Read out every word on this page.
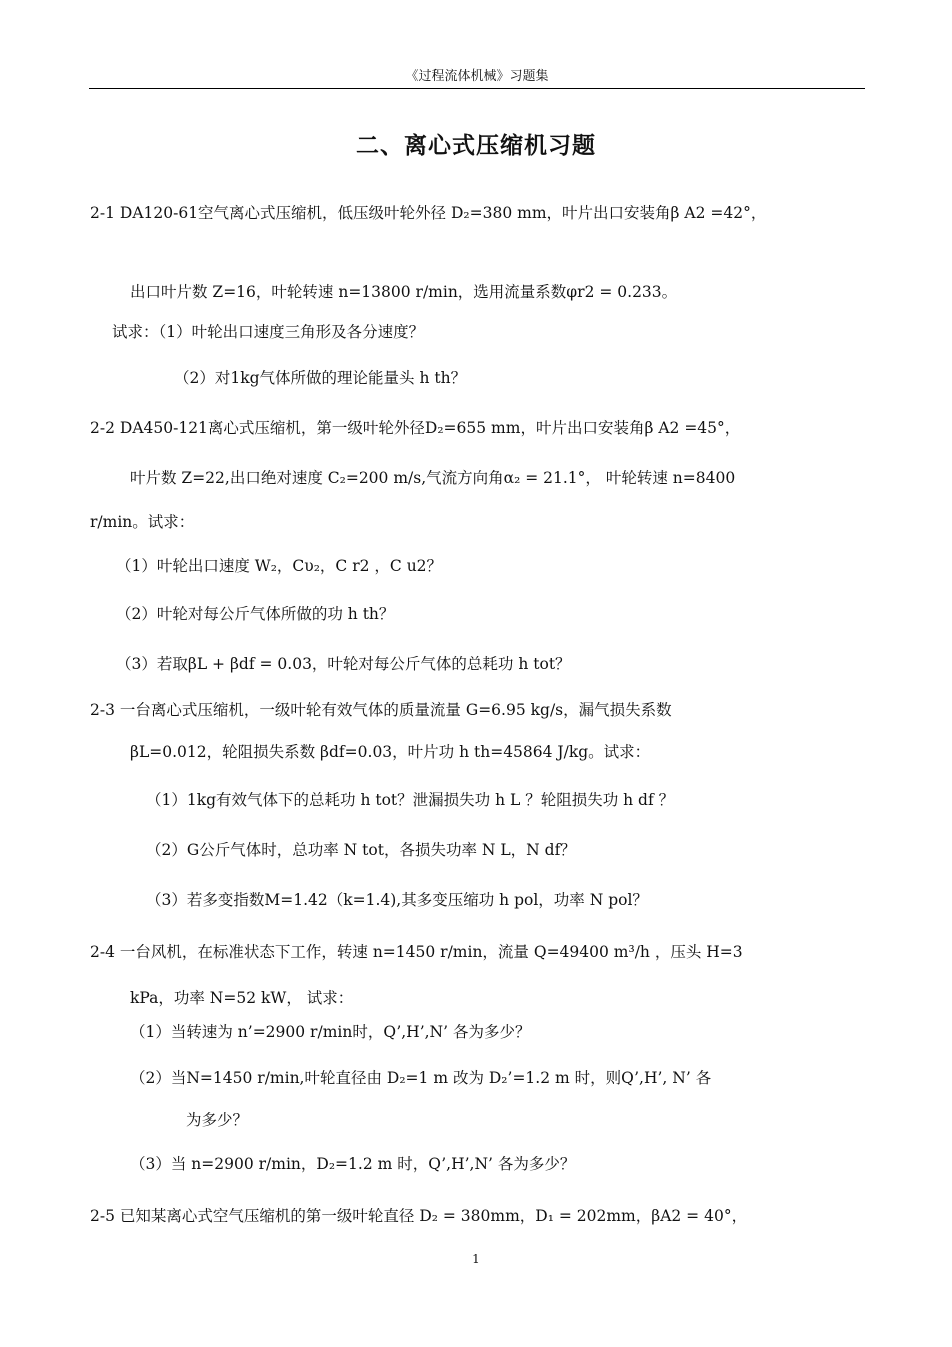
《过程流体机械》习题集
二、离心式压缩机习题
2-1 DA120-61空气离心式压缩机，低压级叶轮外径 D₂=380 mm，叶片出口安装角β A2 =42°，
出口叶片数 Z=16，叶轮转速 n=13800 r/min，选用流量系数φr2 = 0.233。
试求：（1）叶轮出口速度三角形及各分速度？
（2）对1kg气体所做的理论能量头 h th？
2-2 DA450-121离心式压缩机，第一级叶轮外径D₂=655 mm，叶片出口安装角β A2 =45°，
叶片数 Z=22,出口绝对速度 C₂=200 m/s,气流方向角α₂ = 21.1°， 叶轮转速 n=8400
r/min。试求：
（1）叶轮出口速度 W₂，Cυ₂，C r2 ，C u2？
（2）叶轮对每公斤气体所做的功 h th？
（3）若取βL + βdf = 0.03，叶轮对每公斤气体的总耗功 h tot？
2-3 一台离心式压缩机，一级叶轮有效气体的质量流量 G=6.95 kg/s，漏气损失系数
βL=0.012，轮阻损失系数 βdf=0.03，叶片功 h th=45864 J/kg。试求：
（1）1kg有效气体下的总耗功 h tot？泄漏损失功 h L ？轮阻损失功 h df ？
（2）G公斤气体时，总功率 N tot，各损失功率 N L，N df？
（3）若多变指数M=1.42（k=1.4),其多变压缩功 h pol，功率 N pol？
2-4 一台风机，在标准状态下工作，转速 n=1450 r/min，流量 Q=49400 m³/h ，压头 H=3
kPa，功率 N=52 kW， 试求：
（1）当转速为 n’=2900 r/min时，Q’,H’,N’ 各为多少？
（2）当N=1450 r/min,叶轮直径由 D₂=1 m 改为 D₂’=1.2 m 时，则Q’,H’, N’ 各
为多少？
（3）当 n=2900 r/min，D₂=1.2 m 时，Q’,H’,N’ 各为多少？
2-5 已知某离心式空气压缩机的第一级叶轮直径 D₂ = 380mm，D₁ = 202mm，βA2 = 40°，
1
